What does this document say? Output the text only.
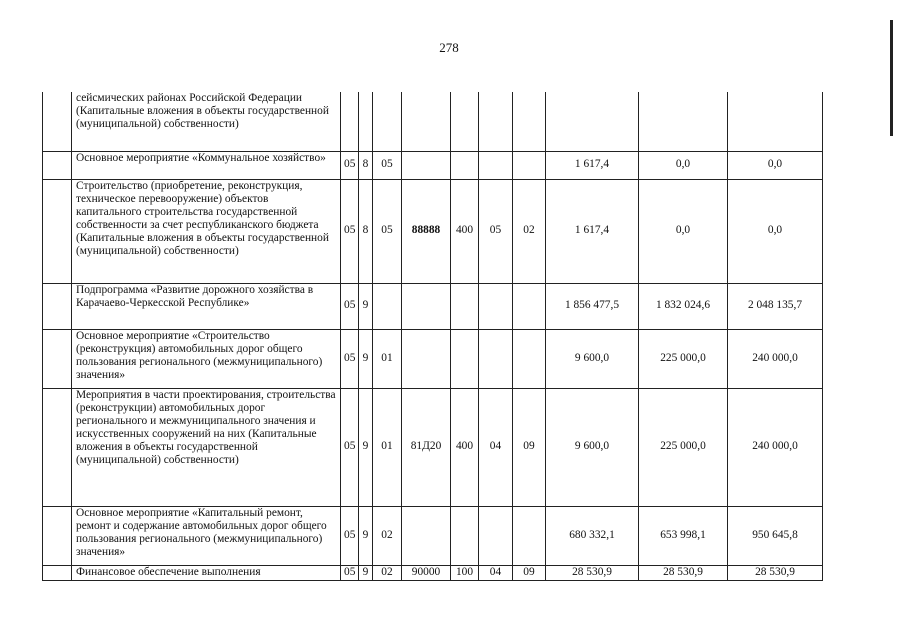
278
	сейсмических районах Российской Федерации (Капитальные вложения в объекты государственной (муниципальной) собственности)										
	Основное мероприятие «Коммунальное хозяйство»	05	8	05					1 617,4	0,0	0,0
	Строительство (приобретение, реконструкция, техническое перевооружение) объектов капитального строительства государственной собственности за счет республиканского бюджета (Капитальные вложения в объекты государственной (муниципальной) собственности)	05	8	05	88888	400	05	02	1 617,4	0,0	0,0
	Подпрограмма «Развитие дорожного хозяйства в Карачаево-Черкесской Республике»	05	9						1 856 477,5	1 832 024,6	2 048 135,7
	Основное мероприятие «Строительство (реконструкция) автомобильных дорог общего пользования регионального (межмуниципального) значения»	05	9	01					9 600,0	225 000,0	240 000,0
	Мероприятия в части проектирования, строительства (реконструкции) автомобильных дорог регионального и межмуниципального значения и искусственных сооружений на них (Капитальные вложения в объекты государственной (муниципальной) собственности)	05	9	01	81Д20	400	04	09	9 600,0	225 000,0	240 000,0
	Основное мероприятие «Капитальный ремонт, ремонт и содержание автомобильных дорог общего пользования регионального (межмуниципального) значения»	05	9	02					680 332,1	653 998,1	950 645,8
	Финансовое обеспечение выполнения	05	9	02	90000	100	04	09	28 530,9	28 530,9	28 530,9
